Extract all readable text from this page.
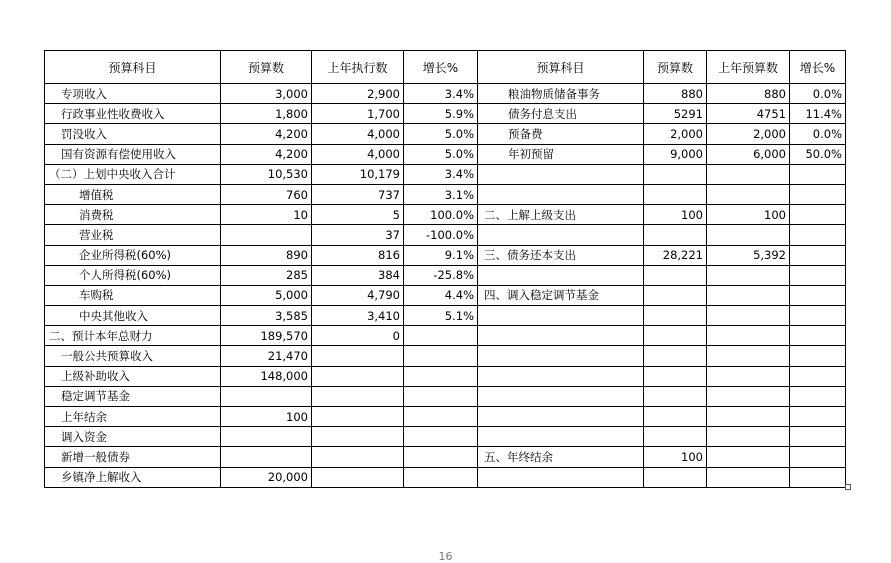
预算科目	预算数	上年执行数	增长%	预算科目	预算数	上年预算数	增长%
专项收入	3,000	2,900	3.4%	粮油物质储备事务	880	880	0.0%
行政事业性收费收入	1,800	1,700	5.9%	债务付息支出	5291	4751	11.4%
罚没收入	4,200	4,000	5.0%	预备费	2,000	2,000	0.0%
国有资源有偿使用收入	4,200	4,000	5.0%	年初预留	9,000	6,000	50.0%
（二）上划中央收入合计	10,530	10,179	3.4%				
增值税	760	737	3.1%				
消费税	10	5	100.0%	二、上解上级支出	100	100	
营业税		37	-100.0%				
企业所得税(60%)	890	816	9.1%	三、债务还本支出	28,221	5,392	
个人所得税(60%)	285	384	-25.8%				
车购税	5,000	4,790	4.4%	四、调入稳定调节基金			
中央其他收入	3,585	3,410	5.1%				
二、预计本年总财力	189,570	0					
一般公共预算收入	21,470						
上级补助收入	148,000						
稳定调节基金							
上年结余	100						
调入资金							
新增一般债券				五、年终结余	100		
乡镇净上解收入	20,000						
16
